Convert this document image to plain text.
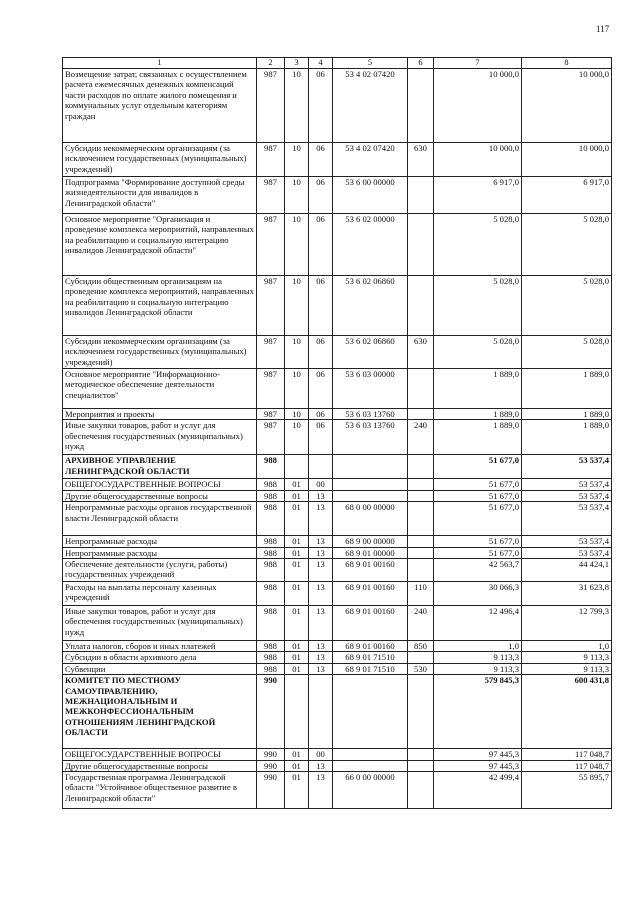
117
1	2	3	4	5	6	7	8
Возмещение затрат, связанных с осуществлением расчета ежемесячных денежных компенсаций части расходов по оплате жилого помещения и коммунальных услуг отдельным категориям граждан	987	10	06	53 4 02 07420		10 000,0	10 000,0
Субсидии некоммерческим организациям (за исключением государственных (муниципальных) учреждений)	987	10	06	53 4 02 07420	630	10 000,0	10 000,0
Подпрограмма "Формирование доступной среды жизнедеятельности для инвалидов в Ленинградской области"	987	10	06	53 6 00 00000		6 917,0	6 917,0
Основное мероприятие "Организация и проведение комплекса мероприятий, направленных на реабилитацию и социальную интеграцию инвалидов Ленинградской области"	987	10	06	53 6 02 00000		5 028,0	5 028,0
Субсидии общественным организациям на проведение комплекса мероприятий, направленных на реабилитацию и социальную интеграцию инвалидов Ленинградской области	987	10	06	53 6 02 06860		5 028,0	5 028,0
Субсидии некоммерческим организациям (за исключением государственных (муниципальных) учреждений)	987	10	06	53 6 02 06860	630	5 028,0	5 028,0
Основное мероприятие "Информационно-методическое обеспечение деятельности специалистов"	987	10	06	53 6 03 00000		1 889,0	1 889,0
Мероприятия и проекты	987	10	06	53 6 03 13760		1 889,0	1 889,0
Иные закупки товаров, работ и услуг для обеспечения государственных (муниципальных) нужд	987	10	06	53 6 03 13760	240	1 889,0	1 889,0
АРХИВНОЕ УПРАВЛЕНИЕ ЛЕНИНГРАДСКОЙ ОБЛАСТИ	988					51 677,0	53 537,4
ОБЩЕГОСУДАРСТВЕННЫЕ ВОПРОСЫ	988	01	00			51 677,0	53 537,4
Другие общегосударственные вопросы	988	01	13			51 677,0	53 537,4
Непрограммные расходы органов государственной власти Ленинградской области	988	01	13	68 0 00 00000		51 677,0	53 537,4
Непрограммные расходы	988	01	13	68 9 00 00000		51 677,0	53 537,4
Непрограммные расходы	988	01	13	68 9 01 00000		51 677,0	53 537,4
Обеспечение деятельности (услуги, работы) государственных учреждений	988	01	13	68 9 01 00160		42 563,7	44 424,1
Расходы на выплаты персоналу казенных учреждений	988	01	13	68 9 01 00160	110	30 066,3	31 623,8
Иные закупки товаров, работ и услуг для обеспечения государственных (муниципальных) нужд	988	01	13	68 9 01 00160	240	12 496,4	12 799,3
Уплата налогов, сборов и иных платежей	988	01	13	68 9 01 00160	850	1,0	1,0
Субсидии в области архивного дела	988	01	13	68 9 01 71510		9 113,3	9 113,3
Субвенции	988	01	13	68 9 01 71510	530	9 113,3	9 113,3
КОМИТЕТ ПО МЕСТНОМУ САМОУПРАВЛЕНИЮ, МЕЖНАЦИОНАЛЬНЫМ И МЕЖКОНФЕССИОНАЛЬНЫМ ОТНОШЕНИЯМ ЛЕНИНГРАДСКОЙ ОБЛАСТИ	990					579 845,3	600 431,8
ОБЩЕГОСУДАРСТВЕННЫЕ ВОПРОСЫ	990	01	00			97 445,3	117 048,7
Другие общегосударственные вопросы	990	01	13			97 445,3	117 048,7
Государственная программа Ленинградской области "Устойчивое общественное развитие в Ленинградской области"	990	01	13	66 0 00 00000		42 499,4	55 895,7
